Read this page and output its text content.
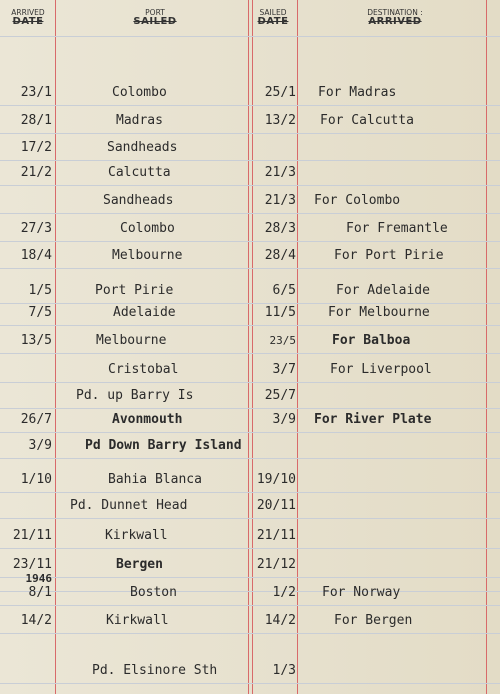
ARRIVED
DATE
PORT
SAILED
SAILED
DATE
DESTINATION :
ARRIVED
23/1	Colombo	25/1 For Madras
28/1	Madras	13/2 For Calcutta
17/2	Sandheads
21/2	Calcutta	21/3
Sandheads	21/3 For Colombo
27/3	Colombo	28/3	For Fremantle
18/4	Melbourne	28/4	For Port Pirie
1/5	Port Pirie	6/5	For Adelaide
7/5	Adelaide	11/5 For Melbourne
13/5	Melbourne	23/5	For Balboa
Cristobal	3/7	For Liverpool
Pd. up Barry Is	25/7
26/7	Avonmouth	3/9 For River Plate
3/9	Pd Down Barry Island
1/10	Bahia Blanca	19/10
Pd. Dunnet Head	20/11
21/11	Kirkwall	21/11
23/11	Bergen	21/12
1946
8/1	Boston	1/2 For Norway
14/2	Kirkwall	14/2	For Bergen
Pd. Elsinore Sth	1/3
